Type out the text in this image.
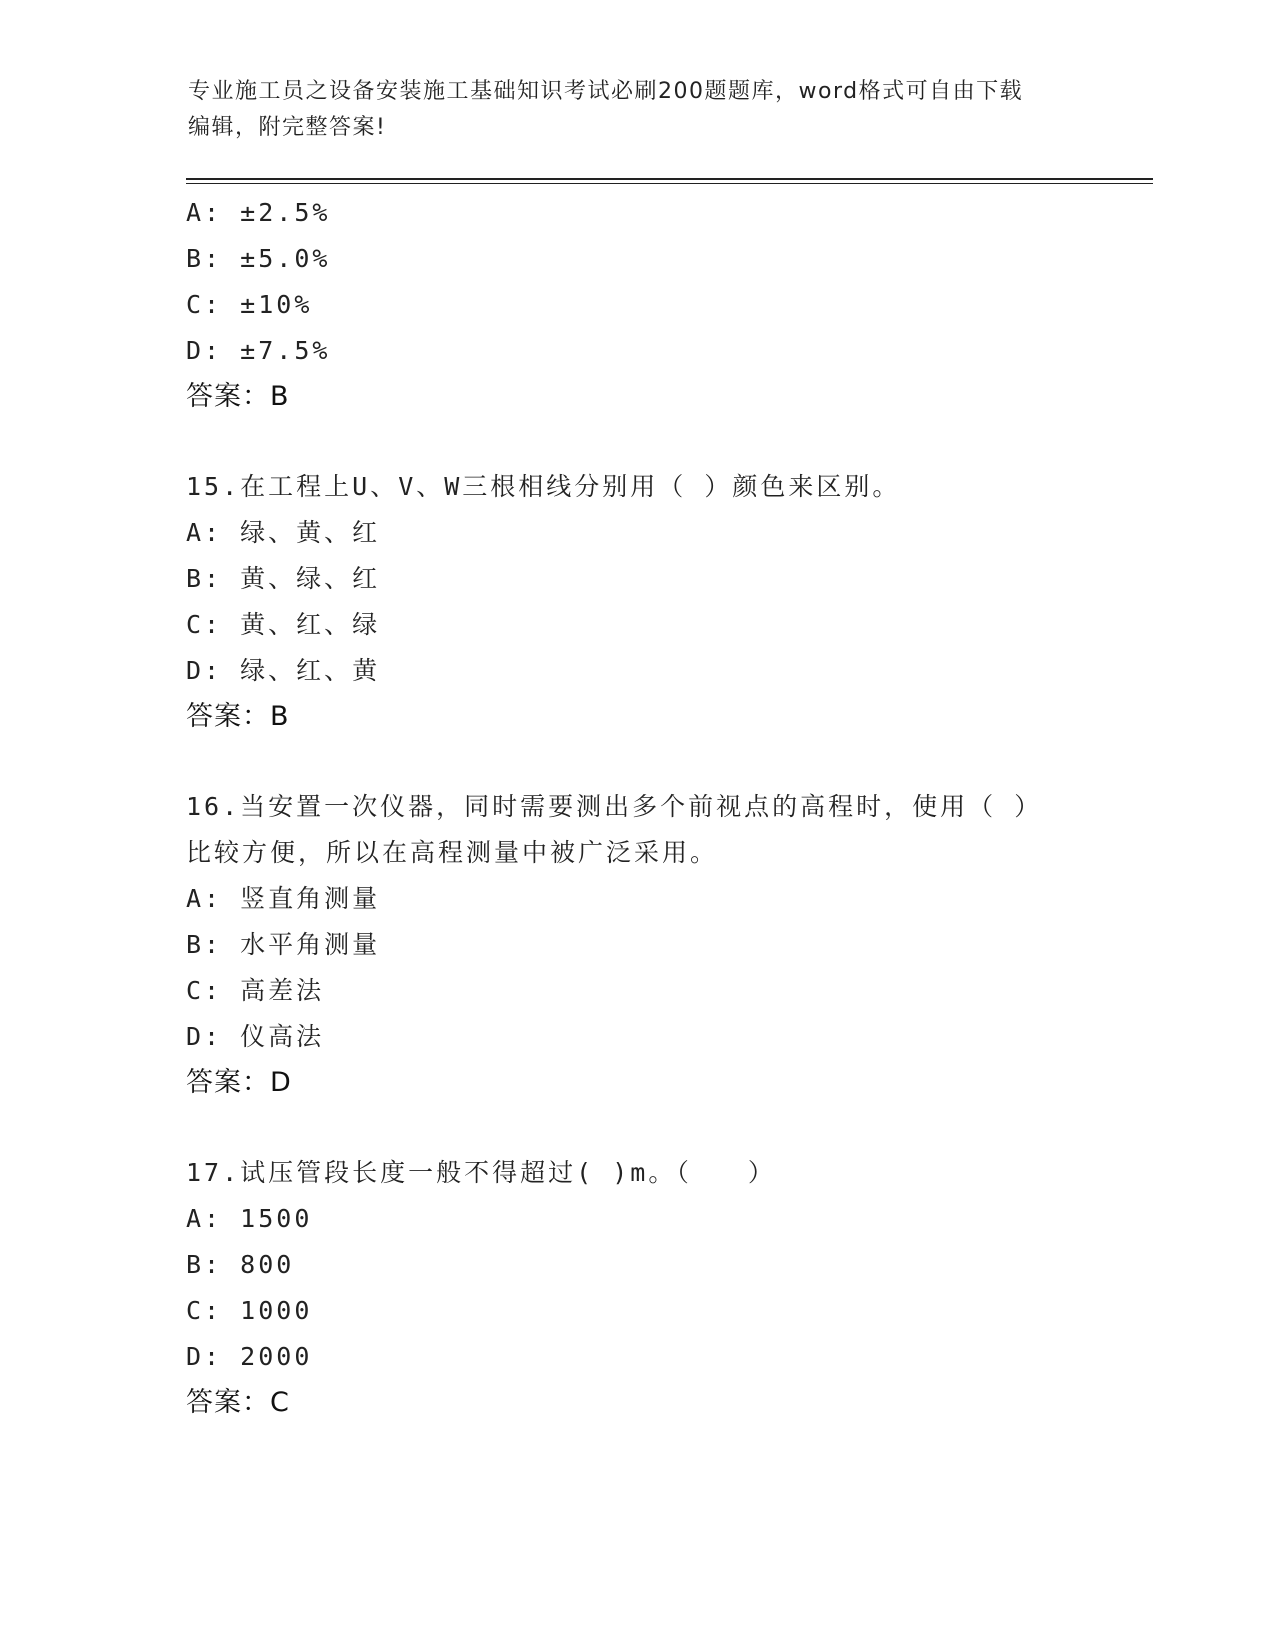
专业施工员之设备安装施工基础知识考试必刷200题题库，word格式可自由下载
编辑，附完整答案!
A: ±2.5%
B: ±5.0%
C: ±10%
D: ±7.5%
答案：B
15.在工程上U、V、W三根相线分别用（ ）颜色来区别。
A: 绿、黄、红
B: 黄、绿、红
C: 黄、红、绿
D: 绿、红、黄
答案：B
16.当安置一次仪器，同时需要测出多个前视点的高程时，使用（ ）
比较方便，所以在高程测量中被广泛采用。
A: 竖直角测量
B: 水平角测量
C: 高差法
D: 仪高法
答案：D
17.试压管段长度一般不得超过( )m。（　　）
A: 1500
B: 800
C: 1000
D: 2000
答案：C
